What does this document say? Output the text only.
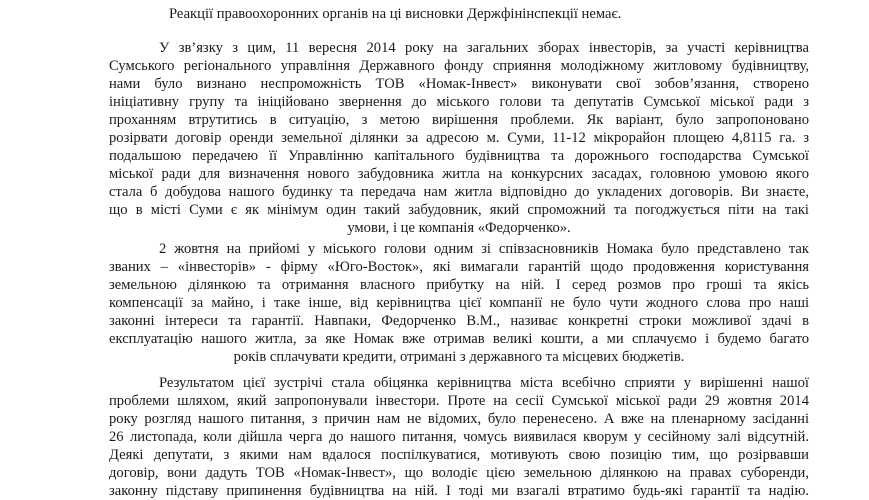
Реакції правоохоронних органів на ці висновки Держфінінспекції немає.
У зв’язку з цим, 11 вересня 2014 року на загальних зборах інвесторів, за участі керівництва
Сумського регіонального управління Державного фонду сприяння молодіжному житловому будівництву,
нами було визнано неспроможність ТОВ «Номак-Інвест» виконувати свої зобов’язання, створено
ініціативну групу та ініційовано звернення до міського голови та депутатів Сумської міської ради з
проханням втрутитись в ситуацію, з метою вирішення проблеми. Як варіант, було запропоновано
розірвати договір оренди земельної ділянки за адресою м. Суми, 11-12 мікрорайон площею 4,8115 га. з
подальшою передачею її Управлінню капітального будівництва та дорожнього господарства Сумської
міської ради для визначення нового забудовника житла на конкурсних засадах, головною умовою якого
стала б добудова нашого будинку та передача нам житла відповідно до укладених договорів. Ви знаєте,
що в місті Суми є як мінімум один такий забудовник, який спроможний та погоджується піти на такі
умови, і це компанія «Федорченко».
2 жовтня на прийомі у міського голови одним зі співзасновників Номака було представлено так
званих – «інвесторів» - фірму «Юго-Восток», які вимагали гарантій щодо продовження користування
земельною ділянкою та отримання власного прибутку на ній. І серед розмов про гроші та якісь
компенсації за майно, і таке інше, від керівництва цієї компанії не було чути жодного слова про наші
законні інтереси та гарантії. Навпаки, Федорченко В.М., називає конкретні строки можливої здачі в
експлуатацію нашого житла, за яке Номак вже отримав великі кошти, а ми сплачуємо і будемо багато
років сплачувати кредити, отримані з державного та місцевих бюджетів.
Результатом цієї зустрічі стала обіцянка керівництва міста всебічно сприяти у вирішенні нашої
проблеми шляхом, який запропонували інвестори. Проте на сесії Сумської міської ради 29 жовтня 2014
року розгляд нашого питання, з причин нам не відомих, було перенесено. А вже на пленарному засіданні
26 листопада, коли дійшла черга до нашого питання, чомусь виявилася кворум у сесійному залі відсутній.
Деякі депутати, з якими нам вдалося поспілкуватися, мотивують свою позицію тим, що розірвавши
договір, вони дадуть ТОВ «Номак-Інвест», що володіє цією земельною ділянкою на правах суборенди,
законну підставу припинення будівництва на ній. І тоді ми взагалі втратимо будь-які гарантії та надію.
